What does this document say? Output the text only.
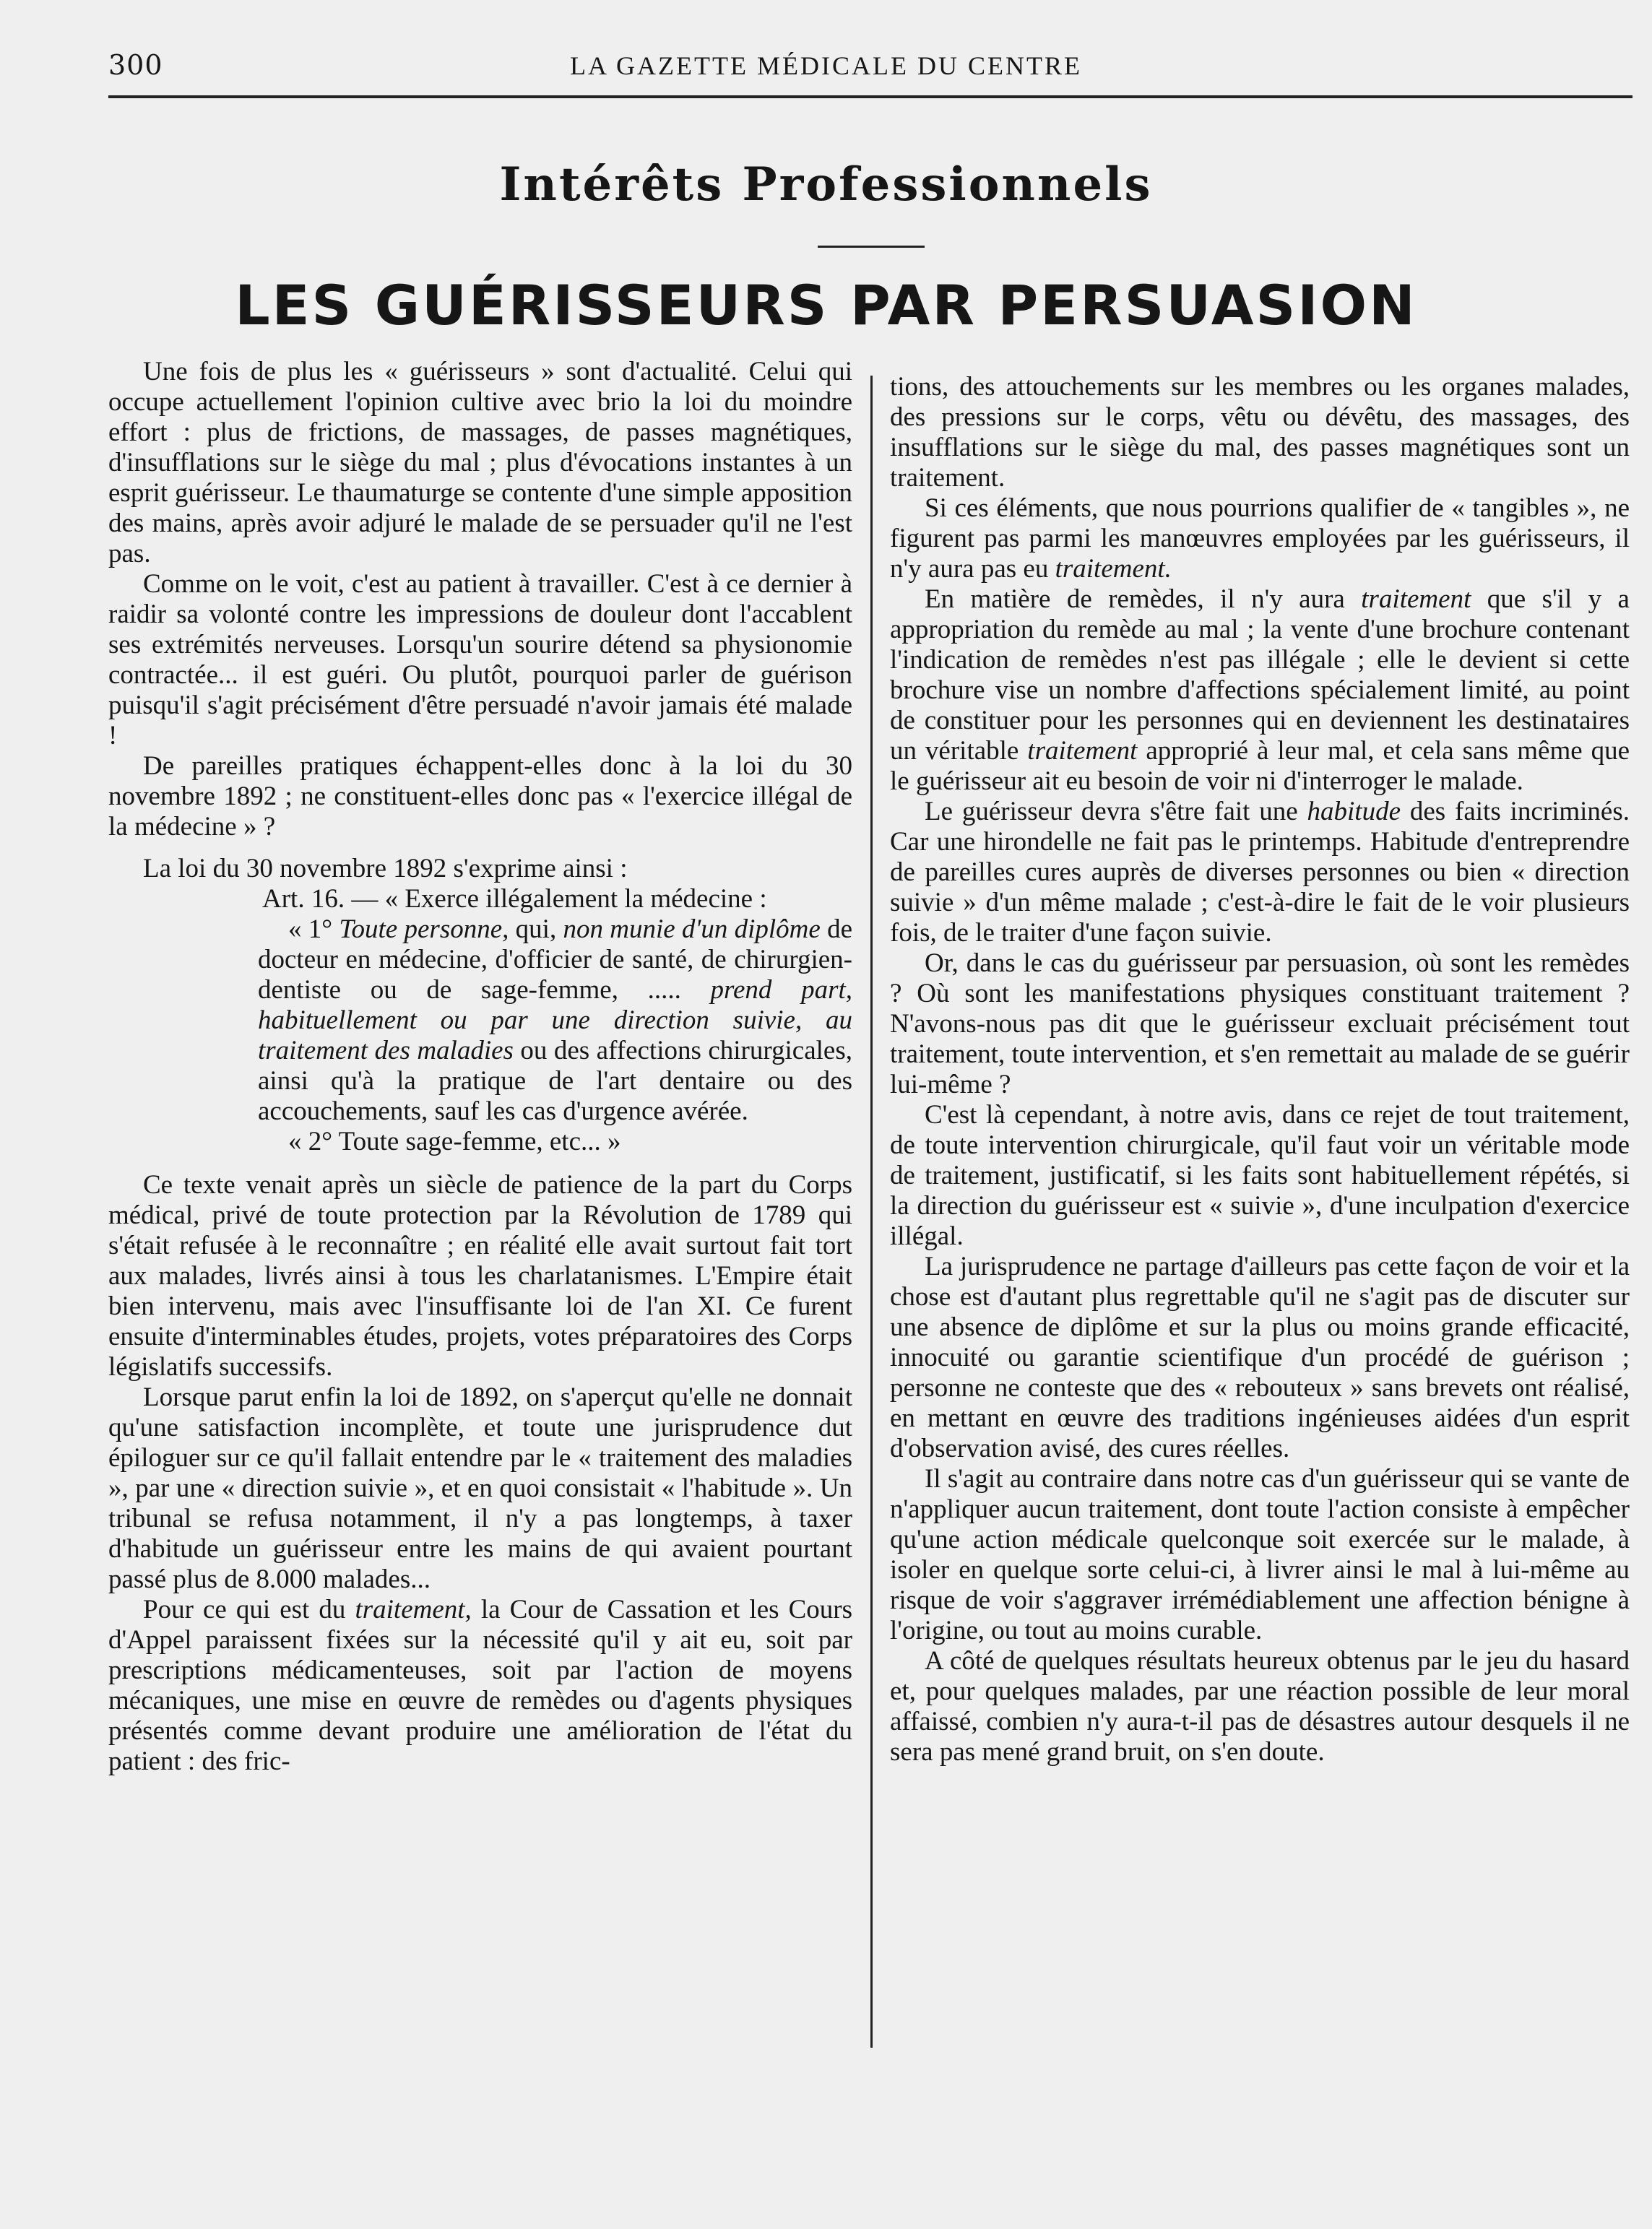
300	LA GAZETTE MÉDICALE DU CENTRE
Intérêts Professionnels
LES GUÉRISSEURS PAR PERSUASION

Une fois de plus les « guérisseurs » sont d'actualité. Celui qui occupe actuellement l'opinion cultive avec brio la loi du moindre effort : plus de frictions, de massages, de passes magnétiques, d'insufflations sur le siège du mal ; plus d'évocations instantes à un esprit guérisseur. Le thaumaturge se contente d'une simple apposition des mains, après avoir adjuré le malade de se persuader qu'il ne l'est pas.

Comme on le voit, c'est au patient à travailler. C'est à ce dernier à raidir sa volonté contre les impressions de douleur dont l'accablent ses extrémités nerveuses. Lorsqu'un sourire détend sa physionomie contractée... il est guéri. Ou plutôt, pourquoi parler de guérison puisqu'il s'agit précisément d'être persuadé n'avoir jamais été malade !

De pareilles pratiques échappent-elles donc à la loi du 30 novembre 1892 ; ne constituent-elles donc pas « l'exercice illégal de la médecine » ?

La loi du 30 novembre 1892 s'exprime ainsi :

Art. 16. — « Exerce illégalement la médecine :

« 1° Toute personne, qui, non munie d'un diplôme de docteur en médecine, d'officier de santé, de chirurgien-dentiste ou de sage-femme, ..... prend part, habituellement ou par une direction suivie, au traitement des maladies ou des affections chirurgicales, ainsi qu'à la pratique de l'art dentaire ou des accouchements, sauf les cas d'urgence avérée.

« 2° Toute sage-femme, etc... »

Ce texte venait après un siècle de patience de la part du Corps médical, privé de toute protection par la Révolution de 1789 qui s'était refusée à le reconnaître ; en réalité elle avait surtout fait tort aux malades, livrés ainsi à tous les charlatanismes. L'Empire était bien intervenu, mais avec l'insuffisante loi de l'an XI. Ce furent ensuite d'interminables études, projets, votes préparatoires des Corps législatifs successifs.

Lorsque parut enfin la loi de 1892, on s'aperçut qu'elle ne donnait qu'une satisfaction incomplète, et toute une jurisprudence dut épiloguer sur ce qu'il fallait entendre par le « traitement des maladies », par une « direction suivie », et en quoi consistait « l'habitude ». Un tribunal se refusa notamment, il n'y a pas longtemps, à taxer d'habitude un guérisseur entre les mains de qui avaient pourtant passé plus de 8.000 malades...

Pour ce qui est du traitement, la Cour de Cassation et les Cours d'Appel paraissent fixées sur la nécessité qu'il y ait eu, soit par prescriptions médicamenteuses, soit par l'action de moyens mécaniques, une mise en œuvre de remèdes ou d'agents physiques présentés comme devant produire une amélioration de l'état du patient : des fric-

tions, des attouchements sur les membres ou les organes malades, des pressions sur le corps, vêtu ou dévêtu, des massages, des insufflations sur le siège du mal, des passes magnétiques sont un traitement.

Si ces éléments, que nous pourrions qualifier de « tangibles », ne figurent pas parmi les manœuvres employées par les guérisseurs, il n'y aura pas eu traitement.

En matière de remèdes, il n'y aura traitement que s'il y a appropriation du remède au mal ; la vente d'une brochure contenant l'indication de remèdes n'est pas illégale ; elle le devient si cette brochure vise un nombre d'affections spécialement limité, au point de constituer pour les personnes qui en deviennent les destinataires un véritable traitement approprié à leur mal, et cela sans même que le guérisseur ait eu besoin de voir ni d'interroger le malade.

Le guérisseur devra s'être fait une habitude des faits incriminés. Car une hirondelle ne fait pas le printemps. Habitude d'entreprendre de pareilles cures auprès de diverses personnes ou bien « direction suivie » d'un même malade ; c'est-à-dire le fait de le voir plusieurs fois, de le traiter d'une façon suivie.

Or, dans le cas du guérisseur par persuasion, où sont les remèdes ? Où sont les manifestations physiques constituant traitement ? N'avons-nous pas dit que le guérisseur excluait précisément tout traitement, toute intervention, et s'en remettait au malade de se guérir lui-même ?

C'est là cependant, à notre avis, dans ce rejet de tout traitement, de toute intervention chirurgicale, qu'il faut voir un véritable mode de traitement, justificatif, si les faits sont habituellement répétés, si la direction du guérisseur est « suivie », d'une inculpation d'exercice illégal.

La jurisprudence ne partage d'ailleurs pas cette façon de voir et la chose est d'autant plus regrettable qu'il ne s'agit pas de discuter sur une absence de diplôme et sur la plus ou moins grande efficacité, innocuité ou garantie scientifique d'un procédé de guérison ; personne ne conteste que des « rebouteux » sans brevets ont réalisé, en mettant en œuvre des traditions ingénieuses aidées d'un esprit d'observation avisé, des cures réelles.

Il s'agit au contraire dans notre cas d'un guérisseur qui se vante de n'appliquer aucun traitement, dont toute l'action consiste à empêcher qu'une action médicale quelconque soit exercée sur le malade, à isoler en quelque sorte celui-ci, à livrer ainsi le mal à lui-même au risque de voir s'aggraver irrémédiablement une affection bénigne à l'origine, ou tout au moins curable.

A côté de quelques résultats heureux obtenus par le jeu du hasard et, pour quelques malades, par une réaction possible de leur moral affaissé, combien n'y aura-t-il pas de désastres autour desquels il ne sera pas mené grand bruit, on s'en doute.
